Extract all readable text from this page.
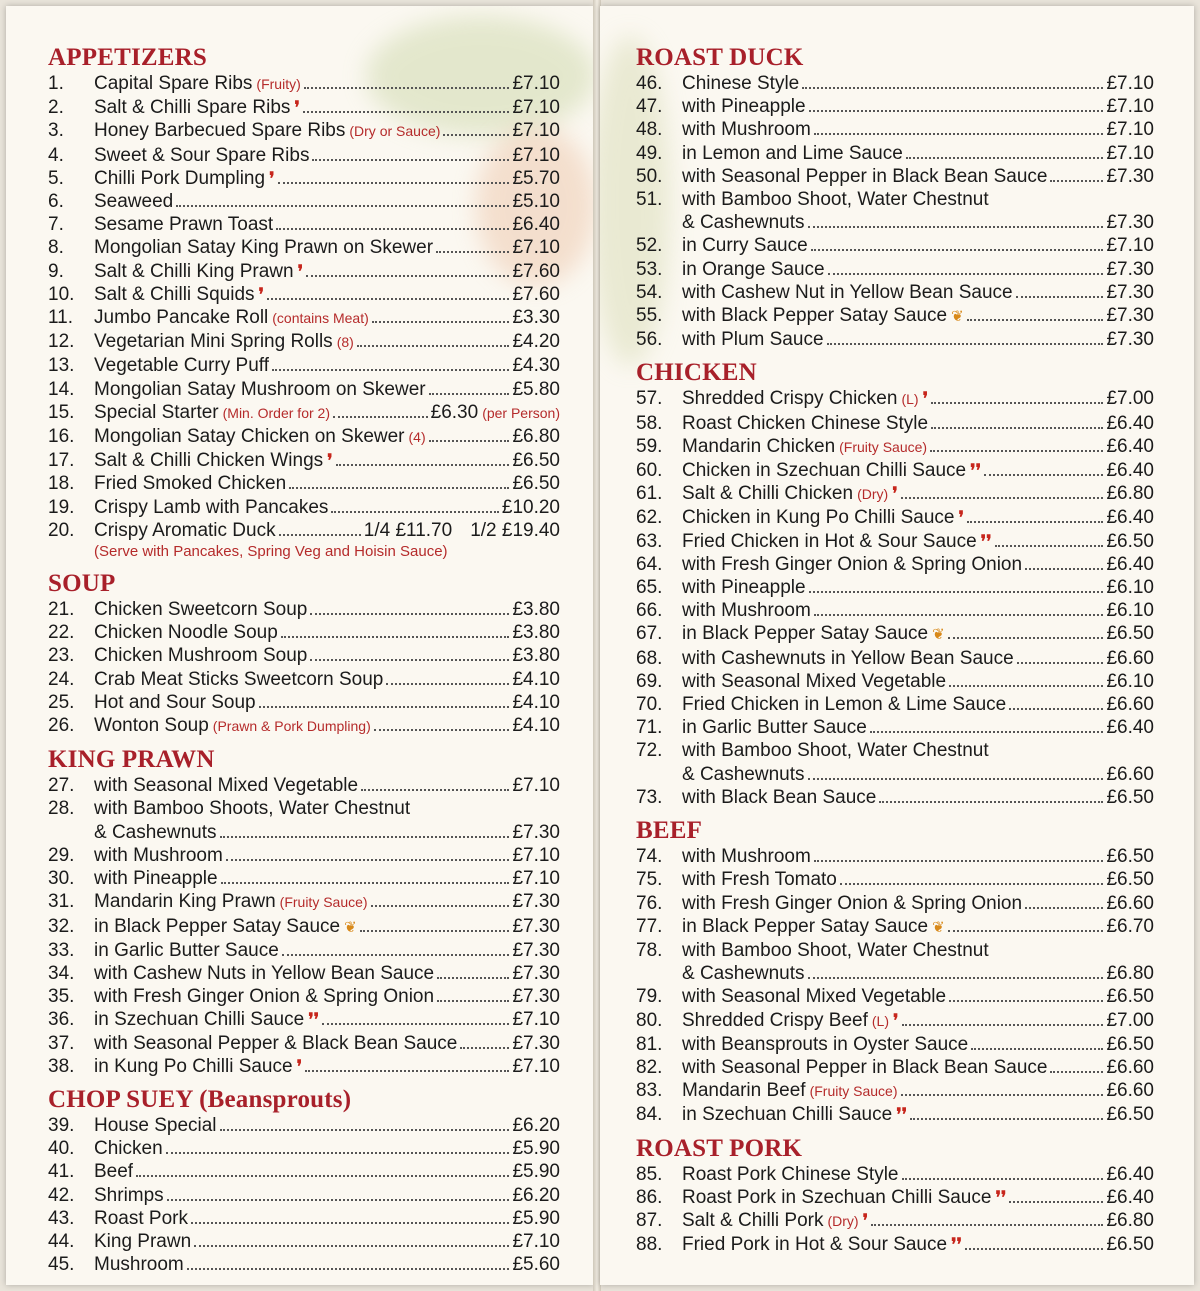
APPETIZERS
1.	Capital Spare Ribs (Fruity)	£7.10
2.	Salt & Chilli Spare Ribs ❜	£7.10
3.	Honey Barbecued Spare Ribs (Dry or Sauce)	£7.10
4.	Sweet & Sour Spare Ribs	£7.10
5.	Chilli Pork Dumpling ❜	£5.70
6.	Seaweed	£5.10
7.	Sesame Prawn Toast	£6.40
8.	Mongolian Satay King Prawn on Skewer	£7.10
9.	Salt & Chilli King Prawn ❜	£7.60
10.	Salt & Chilli Squids ❜	£7.60
11.	Jumbo Pancake Roll (contains Meat)	£3.30
12.	Vegetarian Mini Spring Rolls (8)	£4.20
13.	Vegetable Curry Puff	£4.30
14.	Mongolian Satay Mushroom on Skewer	£5.80
15.	Special Starter (Min. Order for 2)	£6.30 (per Person)
16.	Mongolian Satay Chicken on Skewer (4)	£6.80
17.	Salt & Chilli Chicken Wings ❜	£6.50
18.	Fried Smoked Chicken	£6.50
19.	Crispy Lamb with Pancakes	£10.20
20.	Crispy Aromatic Duck	1/4 £11.70 1/2 £19.40
(Serve with Pancakes, Spring Veg and Hoisin Sauce)
SOUP
21.	Chicken Sweetcorn Soup	£3.80
22.	Chicken Noodle Soup	£3.80
23.	Chicken Mushroom Soup	£3.80
24.	Crab Meat Sticks Sweetcorn Soup	£4.10
25.	Hot and Sour Soup	£4.10
26.	Wonton Soup (Prawn & Pork Dumpling)	£4.10
KING PRAWN
27.	with Seasonal Mixed Vegetable	£7.10
28.	with Bamboo Shoots, Water Chestnut
& Cashewnuts	£7.30
29.	with Mushroom	£7.10
30.	with Pineapple	£7.10
31.	Mandarin King Prawn (Fruity Sauce)	£7.30
32.	in Black Pepper Satay Sauce ❦	£7.30
33.	in Garlic Butter Sauce	£7.30
34.	with Cashew Nuts in Yellow Bean Sauce	£7.30
35.	with Fresh Ginger Onion & Spring Onion	£7.30
36.	in Szechuan Chilli Sauce ❜❜	£7.10
37.	with Seasonal Pepper & Black Bean Sauce	£7.30
38.	in Kung Po Chilli Sauce ❜	£7.10
CHOP SUEY (Beansprouts)
39.	House Special	£6.20
40.	Chicken	£5.90
41.	Beef	£5.90
42.	Shrimps	£6.20
43.	Roast Pork	£5.90
44.	King Prawn	£7.10
45.	Mushroom	£5.60
ROAST DUCK
46.	Chinese Style	£7.10
47.	with Pineapple	£7.10
48.	with Mushroom	£7.10
49.	in Lemon and Lime Sauce	£7.10
50.	with Seasonal Pepper in Black Bean Sauce	£7.30
51.	with Bamboo Shoot, Water Chestnut
& Cashewnuts	£7.30
52.	in Curry Sauce	£7.10
53.	in Orange Sauce	£7.30
54.	with Cashew Nut in Yellow Bean Sauce	£7.30
55.	with Black Pepper Satay Sauce ❦	£7.30
56.	with Plum Sauce	£7.30
CHICKEN
57.	Shredded Crispy Chicken (L) ❜	£7.00
58.	Roast Chicken Chinese Style	£6.40
59.	Mandarin Chicken (Fruity Sauce)	£6.40
60.	Chicken in Szechuan Chilli Sauce ❜❜	£6.40
61.	Salt & Chilli Chicken (Dry) ❜	£6.80
62.	Chicken in Kung Po Chilli Sauce ❜	£6.40
63.	Fried Chicken in Hot & Sour Sauce ❜❜	£6.50
64.	with Fresh Ginger Onion & Spring Onion	£6.40
65.	with Pineapple	£6.10
66.	with Mushroom	£6.10
67.	in Black Pepper Satay Sauce ❦	£6.50
68.	with Cashewnuts in Yellow Bean Sauce	£6.60
69.	with Seasonal Mixed Vegetable	£6.10
70.	Fried Chicken in Lemon & Lime Sauce	£6.60
71.	in Garlic Butter Sauce	£6.40
72.	with Bamboo Shoot, Water Chestnut
& Cashewnuts	£6.60
73.	with Black Bean Sauce	£6.50
BEEF
74.	with Mushroom	£6.50
75.	with Fresh Tomato	£6.50
76.	with Fresh Ginger Onion & Spring Onion	£6.60
77.	in Black Pepper Satay Sauce ❦	£6.70
78.	with Bamboo Shoot, Water Chestnut
& Cashewnuts	£6.80
79.	with Seasonal Mixed Vegetable	£6.50
80.	Shredded Crispy Beef (L) ❜	£7.00
81.	with Beansprouts in Oyster Sauce	£6.50
82.	with Seasonal Pepper in Black Bean Sauce	£6.60
83.	Mandarin Beef (Fruity Sauce)	£6.60
84.	in Szechuan Chilli Sauce ❜❜	£6.50
ROAST PORK
85.	Roast Pork Chinese Style	£6.40
86.	Roast Pork in Szechuan Chilli Sauce ❜❜	£6.40
87.	Salt & Chilli Pork (Dry) ❜	£6.80
88.	Fried Pork in Hot & Sour Sauce ❜❜	£6.50
